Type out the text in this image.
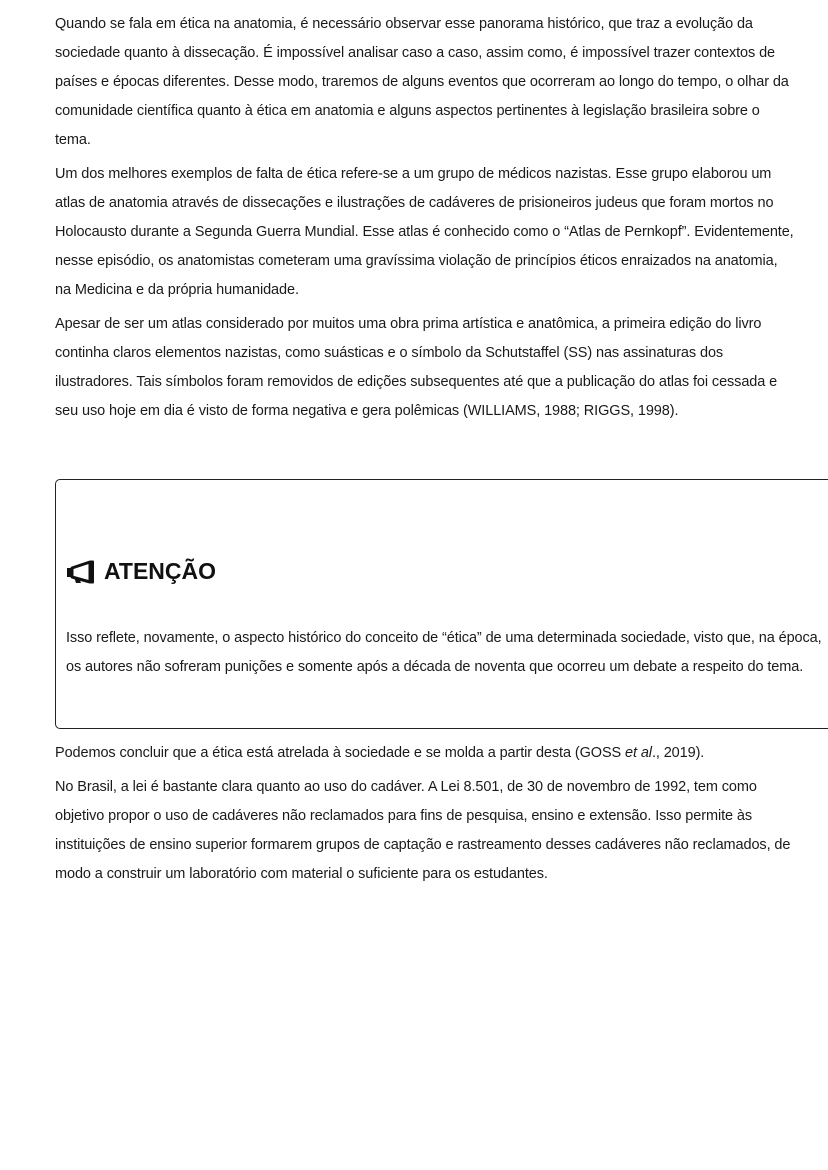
Quando se fala em ética na anatomia, é necessário observar esse panorama histórico, que traz a evolução da sociedade quanto à dissecação. É impossível analisar caso a caso, assim como, é impossível trazer contextos de países e épocas diferentes. Desse modo, traremos de alguns eventos que ocorreram ao longo do tempo, o olhar da comunidade científica quanto à ética em anatomia e alguns aspectos pertinentes à legislação brasileira sobre o tema.

Um dos melhores exemplos de falta de ética refere-se a um grupo de médicos nazistas. Esse grupo elaborou um atlas de anatomia através de dissecações e ilustrações de cadáveres de prisioneiros judeus que foram mortos no Holocausto durante a Segunda Guerra Mundial. Esse atlas é conhecido como o “Atlas de Pernkopf”. Evidentemente, nesse episódio, os anatomistas cometeram uma gravíssima violação de princípios éticos enraizados na anatomia, na Medicina e da própria humanidade.

Apesar de ser um atlas considerado por muitos uma obra prima artística e anatômica, a primeira edição do livro continha claros elementos nazistas, como suásticas e o símbolo da Schutstaffel (SS) nas assinaturas dos ilustradores. Tais símbolos foram removidos de edições subsequentes até que a publicação do atlas foi cessada e seu uso hoje em dia é visto de forma negativa e gera polêmicas (WILLIAMS, 1988; RIGGS, 1998).

ATENÇÃO
Isso reflete, novamente, o aspecto histórico do conceito de “ética” de uma determinada sociedade, visto que, na época, os autores não sofreram punições e somente após a década de noventa que ocorreu um debate a respeito do tema.

Podemos concluir que a ética está atrelada à sociedade e se molda a partir desta (GOSS et al., 2019).

No Brasil, a lei é bastante clara quanto ao uso do cadáver. A Lei 8.501, de 30 de novembro de 1992, tem como objetivo propor o uso de cadáveres não reclamados para fins de pesquisa, ensino e extensão. Isso permite às instituições de ensino superior formarem grupos de captação e rastreamento desses cadáveres não reclamados, de modo a construir um laboratório com material o suficiente para os estudantes.
